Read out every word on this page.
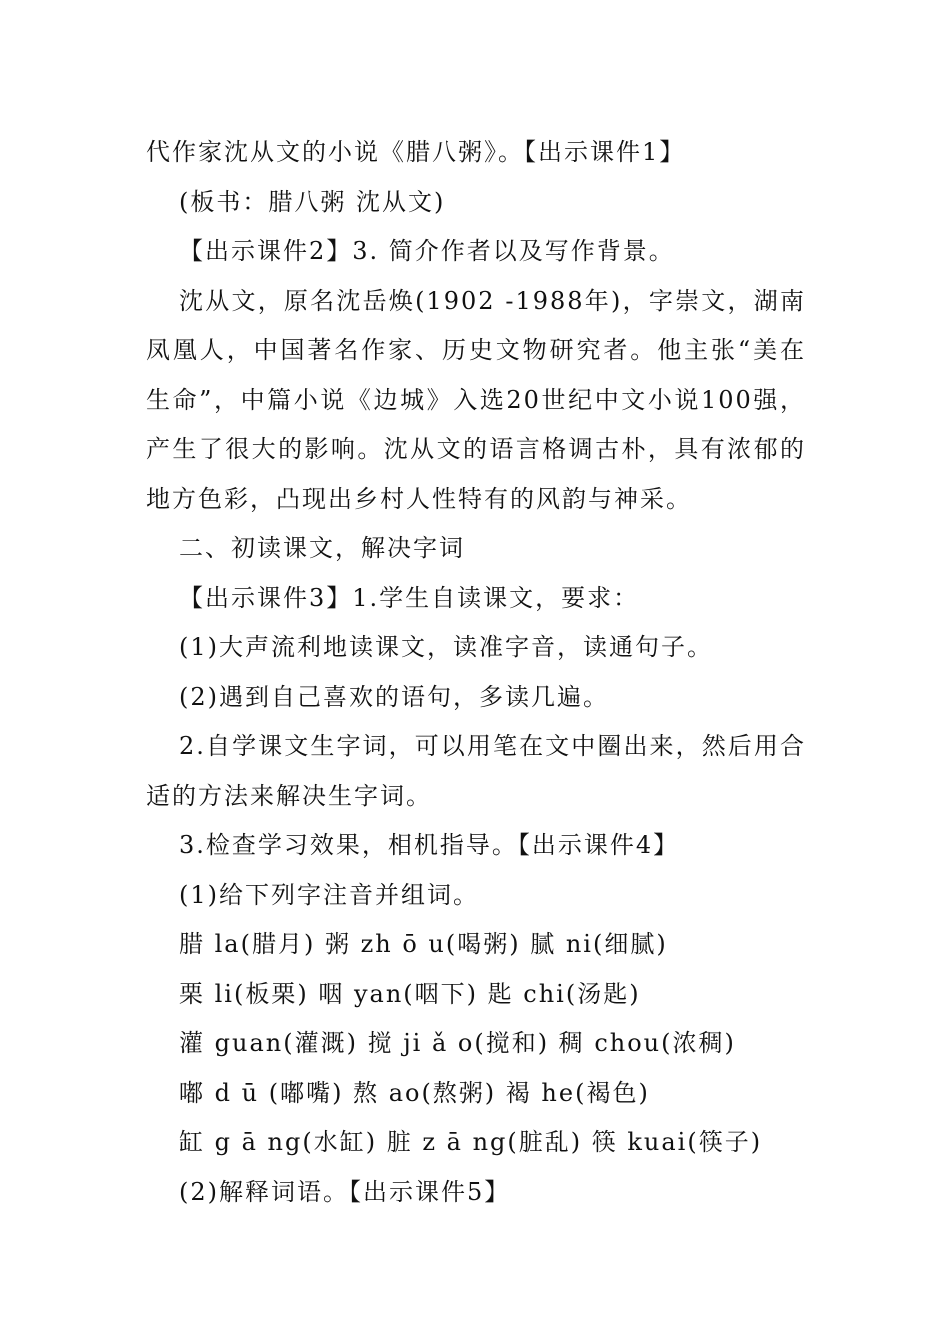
代作家沈从文的小说《腊八粥》。【出示课件1】

(板书：腊八粥 沈从文)

【出示课件2】3. 简介作者以及写作背景。

沈从文，原名沈岳焕(1902 -1988年)，字崇文，湖南凤凰人，中国著名作家、历史文物研究者。他主张“美在生命”，中篇小说《边城》入选20世纪中文小说100强，产生了很大的影响。沈从文的语言格调古朴，具有浓郁的地方色彩，凸现出乡村人性特有的风韵与神采。

二、初读课文，解决字词

【出示课件3】1.学生自读课文，要求：

(1)大声流利地读课文，读准字音，读通句子。

(2)遇到自己喜欢的语句，多读几遍。

2.自学课文生字词，可以用笔在文中圈出来，然后用合适的方法来解决生字词。

3.检查学习效果，相机指导。【出示课件4】

(1)给下列字注音并组词。

腊 la(腊月) 粥 zh ō u(喝粥) 腻 ni(细腻)

栗 li(板栗) 咽 yan(咽下) 匙 chi(汤匙)

灌 guan(灌溉) 搅 ji ǎ o(搅和) 稠 chou(浓稠)

嘟 d ū (嘟嘴) 熬 ao(熬粥) 褐 he(褐色)

缸 g ā ng(水缸) 脏 z ā ng(脏乱) 筷 kuai(筷子)

(2)解释词语。【出示课件5】
